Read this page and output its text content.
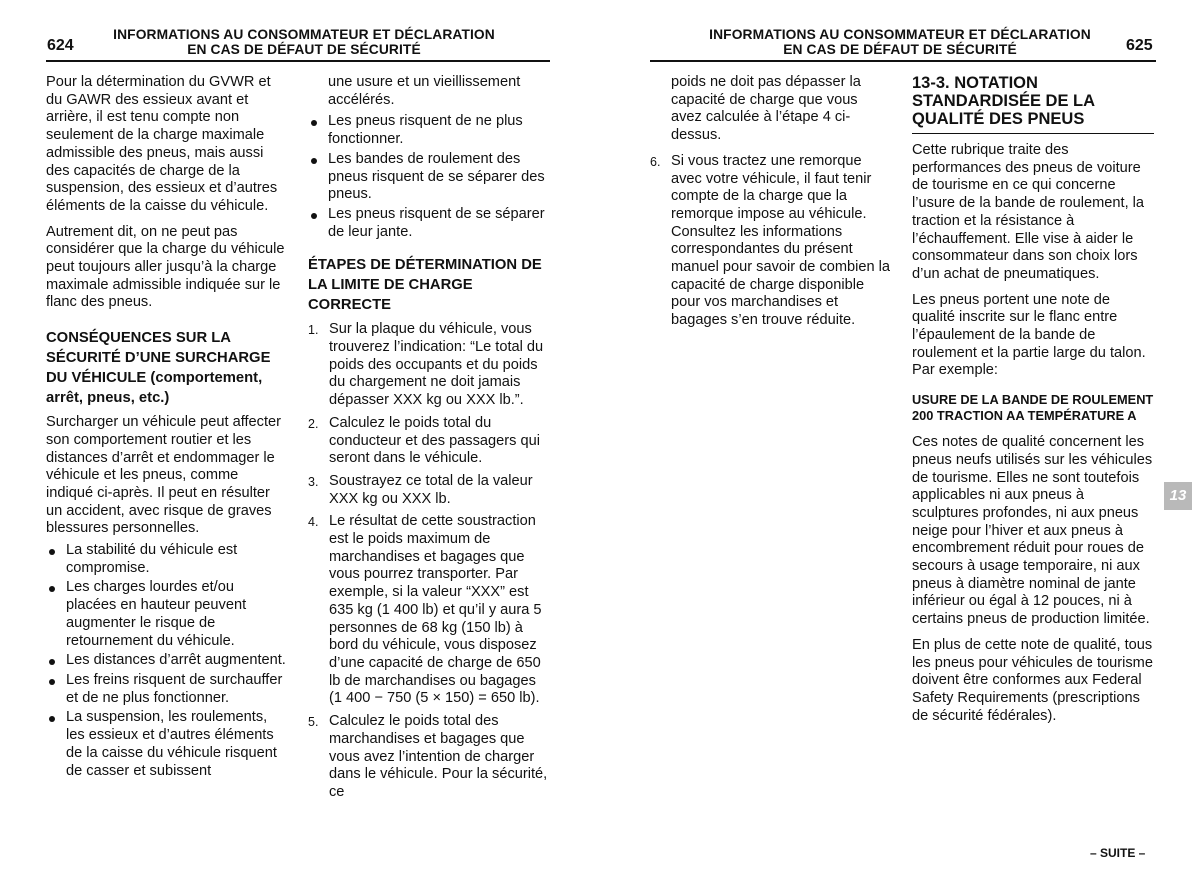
624
INFORMATIONS AU CONSOMMATEUR ET DÉCLARATION
EN CAS DE DÉFAUT DE SÉCURITÉ
INFORMATIONS AU CONSOMMATEUR ET DÉCLARATION
EN CAS DE DÉFAUT DE SÉCURITÉ	625

Pour la détermination du GVWR et du GAWR des essieux avant et arrière, il est tenu compte non seulement de la charge maximale admissible des pneus, mais aussi des capacités de charge de la suspension, des essieux et d’autres éléments de la caisse du véhicule.

Autrement dit, on ne peut pas considérer que la charge du véhicule peut toujours aller jusqu’à la charge maximale admissible indiquée sur le flanc des pneus.

CONSÉQUENCES SUR LA SÉCURITÉ D’UNE SURCHARGE DU VÉHICULE (comportement, arrêt, pneus, etc.)

Surcharger un véhicule peut affecter son comportement routier et les distances d’arrêt et endommager le véhicule et les pneus, comme indiqué ci-après. Il peut en résulter un accident, avec risque de graves blessures personnelles.

La stabilité du véhicule est compromise.
Les charges lourdes et/ou placées en hauteur peuvent augmenter le risque de retournement du véhicule.
Les distances d’arrêt augmentent.
Les freins risquent de surchauffer et de ne plus fonctionner.
La suspension, les roulements, les essieux et d’autres éléments de la caisse du véhicule risquent de casser et subissent

une usure et un vieillissement accélérés.

Les pneus risquent de ne plus fonctionner.
Les bandes de roulement des pneus risquent de se séparer des pneus.
Les pneus risquent de se séparer de leur jante.
ÉTAPES DE DÉTERMINATION DE LA LIMITE DE CHARGE CORRECTE
1. Sur la plaque du véhicule, vous trouverez l’indication: “Le total du poids des occupants et du poids du chargement ne doit jamais dépasser XXX kg ou XXX lb.”.
2. Calculez le poids total du conducteur et des passagers qui seront dans le véhicule.
3. Soustrayez ce total de la valeur XXX kg ou XXX lb.
4. Le résultat de cette soustraction est le poids maximum de marchandises et bagages que vous pourrez transporter. Par exemple, si la valeur “XXX” est 635 kg (1 400 lb) et qu’il y aura 5 personnes de 68 kg (150 lb) à bord du véhicule, vous disposez d’une capacité de charge de 650 lb de marchandises ou bagages (1 400 − 750 (5 × 150) = 650 lb).
5. Calculez le poids total des marchandises et bagages que vous avez l’intention de charger dans le véhicule. Pour la sécurité, ce

poids ne doit pas dépasser la capacité de charge que vous avez calculée à l’étape 4 ci-dessus.

6. Si vous tractez une remorque avec votre véhicule, il faut tenir compte de la charge que la remorque impose au véhicule. Consultez les informations correspondantes du présent manuel pour savoir de combien la capacité de charge disponible pour vos marchandises et bagages s’en trouve réduite.
13-3. NOTATION STANDARDISÉE DE LA QUALITÉ DES PNEUS

Cette rubrique traite des performances des pneus de voiture de tourisme en ce qui concerne l’usure de la bande de roulement, la traction et la résistance à l’échauffement. Elle vise à aider le consommateur dans son choix lors d’un achat de pneumatiques.

Les pneus portent une note de qualité inscrite sur le flanc entre l’épaulement de la bande de roulement et la partie large du talon. Par exemple:

USURE DE LA BANDE DE ROULEMENT 200 TRACTION AA TEMPÉRATURE A

Ces notes de qualité concernent les pneus neufs utilisés sur les véhicules de tourisme. Elles ne sont toutefois applicables ni aux pneus à sculptures profondes, ni aux pneus neige pour l’hiver et aux pneus à encombrement réduit pour roues de secours à usage temporaire, ni aux pneus à diamètre nominal de jante inférieur ou égal à 12 pouces, ni à certains pneus de production limitée.

En plus de cette note de qualité, tous les pneus pour véhicules de tourisme doivent être conformes aux Federal Safety Requirements (prescriptions de sécurité fédérales).

13
– SUITE –
